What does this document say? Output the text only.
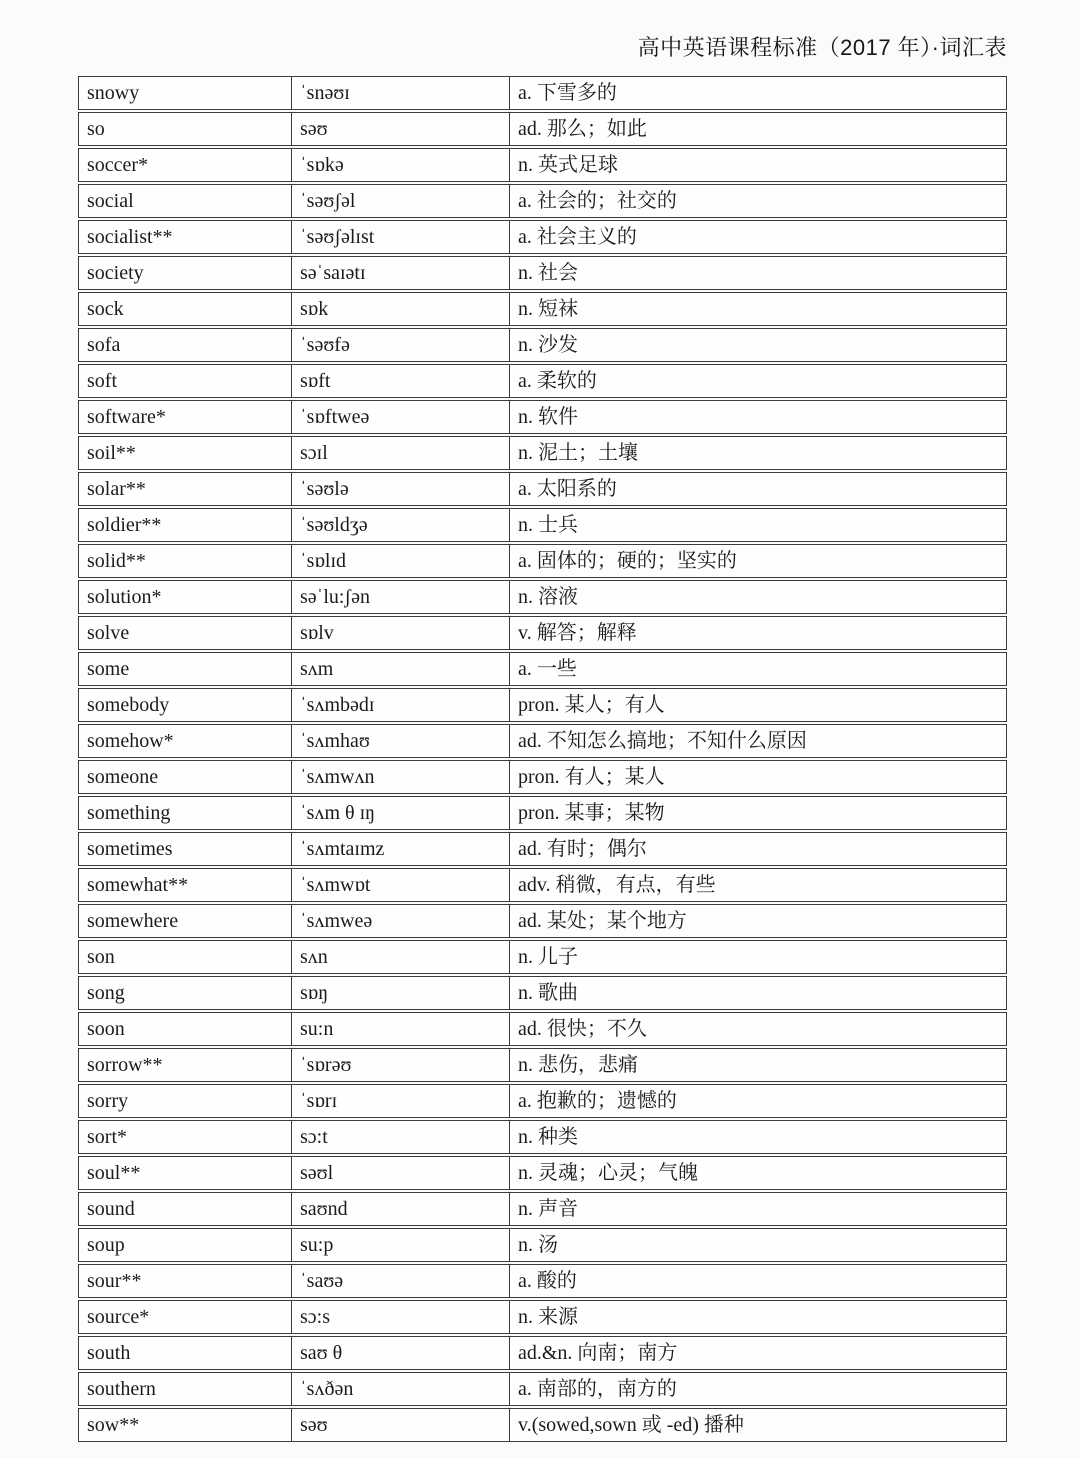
高中英语课程标准（2017 年）·词汇表
snowy	ˈsnəʊɪ	a. 下雪多的
so	səʊ	ad. 那么；如此
soccer*	ˈsɒkə	n. 英式足球
social	ˈsəʊʃəl	a. 社会的；社交的
socialist**	ˈsəʊʃəlɪst	a. 社会主义的
society	səˈsaɪətɪ	n. 社会
sock	sɒk	n. 短袜
sofa	ˈsəʊfə	n. 沙发
soft	sɒft	a. 柔软的
software*	ˈsɒftweə	n. 软件
soil**	sɔɪl	n. 泥土；土壤
solar**	ˈsəʊlə	a. 太阳系的
soldier**	ˈsəʊldʒə	n. 士兵
solid**	ˈsɒlɪd	a. 固体的；硬的；坚实的
solution*	səˈlu:ʃən	n. 溶液
solve	sɒlv	v. 解答；解释
some	sʌm	a. 一些
somebody	ˈsʌmbədɪ	pron. 某人；有人
somehow*	ˈsʌmhaʊ	ad. 不知怎么搞地；不知什么原因
someone	ˈsʌmwʌn	pron. 有人；某人
something	ˈsʌm θ ɪŋ	pron. 某事；某物
sometimes	ˈsʌmtaɪmz	ad. 有时；偶尔
somewhat**	ˈsʌmwɒt	adv. 稍微，有点，有些
somewhere	ˈsʌmweə	ad. 某处；某个地方
son	sʌn	n. 儿子
song	sɒŋ	n. 歌曲
soon	su:n	ad. 很快；不久
sorrow**	ˈsɒrəʊ	n. 悲伤，悲痛
sorry	ˈsɒrɪ	a. 抱歉的；遗憾的
sort*	sɔ:t	n. 种类
soul**	səʊl	n. 灵魂；心灵；气魄
sound	saʊnd	n. 声音
soup	su:p	n. 汤
sour**	ˈsaʊə	a. 酸的
source*	sɔ:s	n. 来源
south	saʊ θ	ad.&n. 向南；南方
southern	ˈsʌðən	a. 南部的，南方的
sow**	səʊ	v.(sowed,sown 或 -ed) 播种
